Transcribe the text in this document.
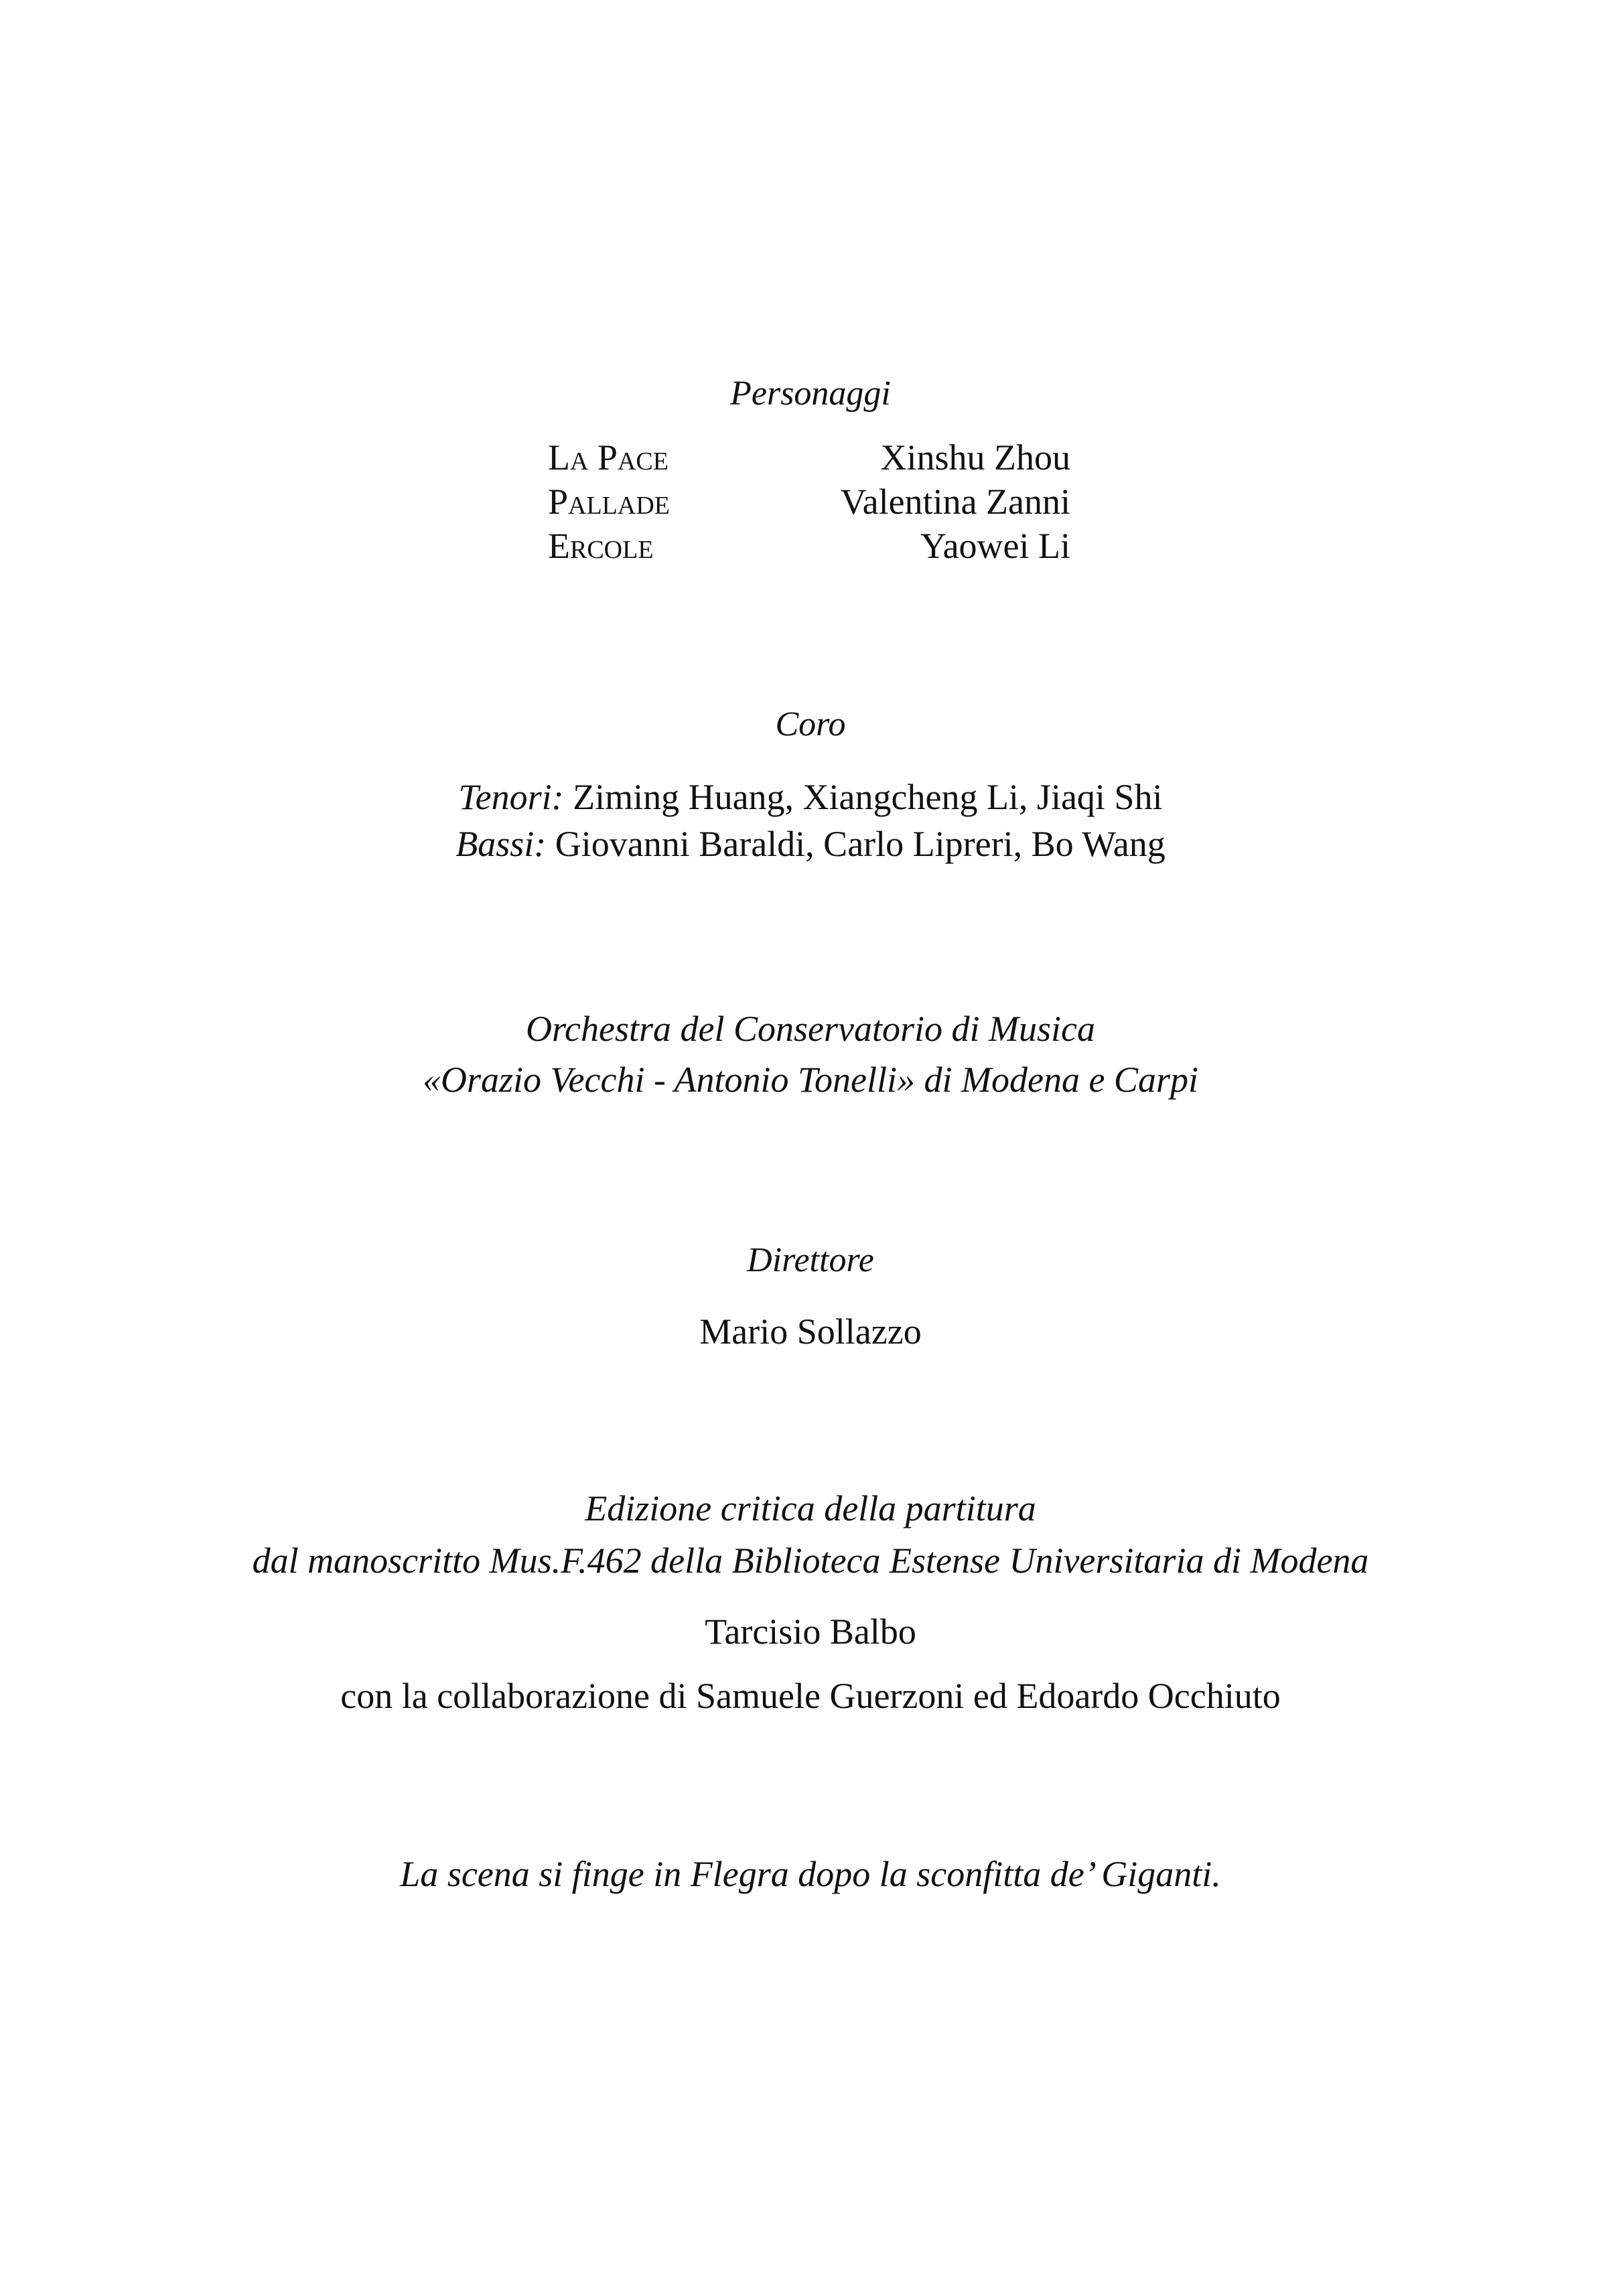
Personaggi
La Pace	Xinshu Zhou
Pallade	Valentina Zanni
Ercole	Yaowei Li
Coro
Tenori: Ziming Huang, Xiangcheng Li, Jiaqi Shi
Bassi: Giovanni Baraldi, Carlo Lipreri, Bo Wang
Orchestra del Conservatorio di Musica
«Orazio Vecchi - Antonio Tonelli» di Modena e Carpi
Direttore
Mario Sollazzo
Edizione critica della partitura
dal manoscritto Mus.F.462 della Biblioteca Estense Universitaria di Modena
Tarcisio Balbo
con la collaborazione di Samuele Guerzoni ed Edoardo Occhiuto
La scena si finge in Flegra dopo la sconfitta de’ Giganti.
